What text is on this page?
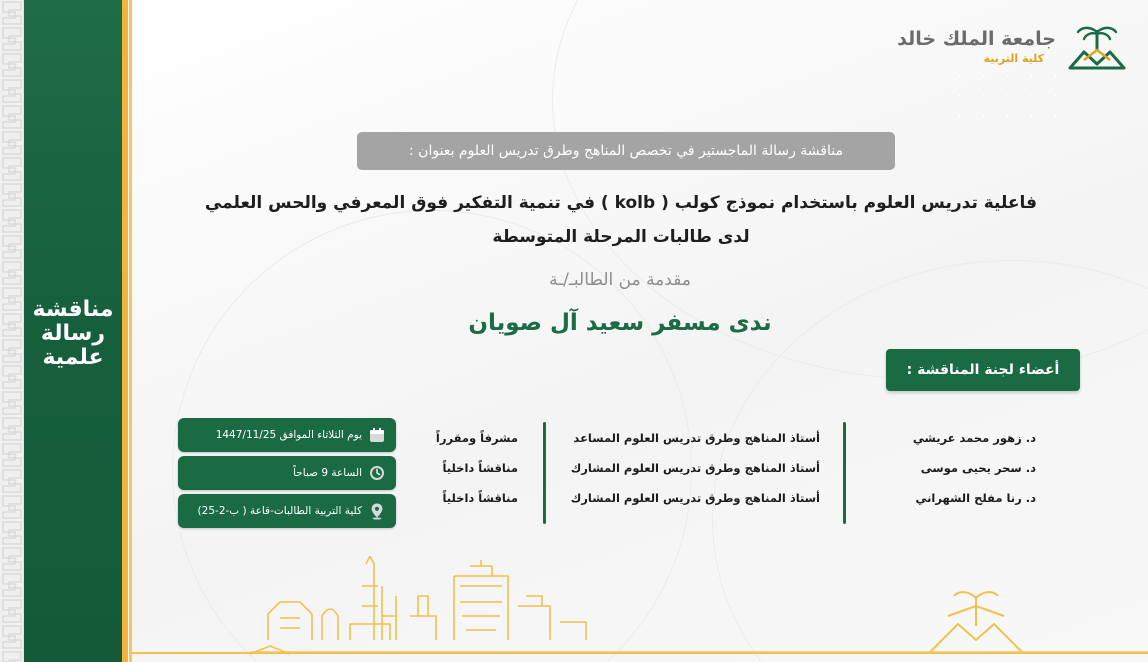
مناقشة
رسالة
علمية
جامعة الملك خالد
كلية التربية
مناقشة رسالة الماجستير في تخصص المناهج وطرق تدريس العلوم بعنوان :
فاعلية تدريس العلوم باستخدام نموذج كولب ( kolb ) في تنمية التفكير فوق المعرفي والحس العلمي
لدى طالبات المرحلة المتوسطة
مقدمة من الطالبـ/ـة
ندى مسفر سعيد آل صويان
أعضاء لجنة المناقشة :
د. زهور محمد عريشي
د. سحر يحيى موسى
د. رنا مفلح الشهراني
أستاذ المناهج وطرق تدريس العلوم المساعد
أستاذ المناهج وطرق تدريس العلوم المشارك
أستاذ المناهج وطرق تدريس العلوم المشارك
مشرفاً ومقرراً
مناقشاً داخلياً
مناقشاً داخلياً
يوم الثلاثاء الموافق 1447/11/25
الساعة 9 صباحاً
كلية التربية الطالبات-قاعة ( ب-2-25)
